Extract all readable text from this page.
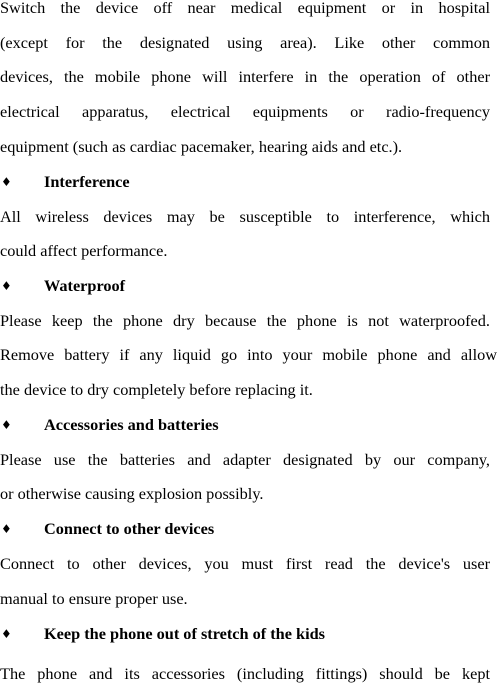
Switch the device off near medical equipment or in hospital
(except for the designated using area). Like other common
devices, the mobile phone will interfere in the operation of other
electrical apparatus, electrical equipments or radio-frequency
equipment (such as cardiac pacemaker, hearing aids and etc.).
♦ Interference
All wireless devices may be susceptible to interference, which
could affect performance.
♦ Waterproof
Please keep the phone dry because the phone is not waterproofed.
Remove battery if any liquid go into your mobile phone and allow
the device to dry completely before replacing it.
♦ Accessories and batteries
Please use the batteries and adapter designated by our company,
or otherwise causing explosion possibly.
♦ Connect to other devices
Connect to other devices, you must first read the device's user
manual to ensure proper use.
♦ Keep the phone out of stretch of the kids
The phone and its accessories (including fittings) should be kept
